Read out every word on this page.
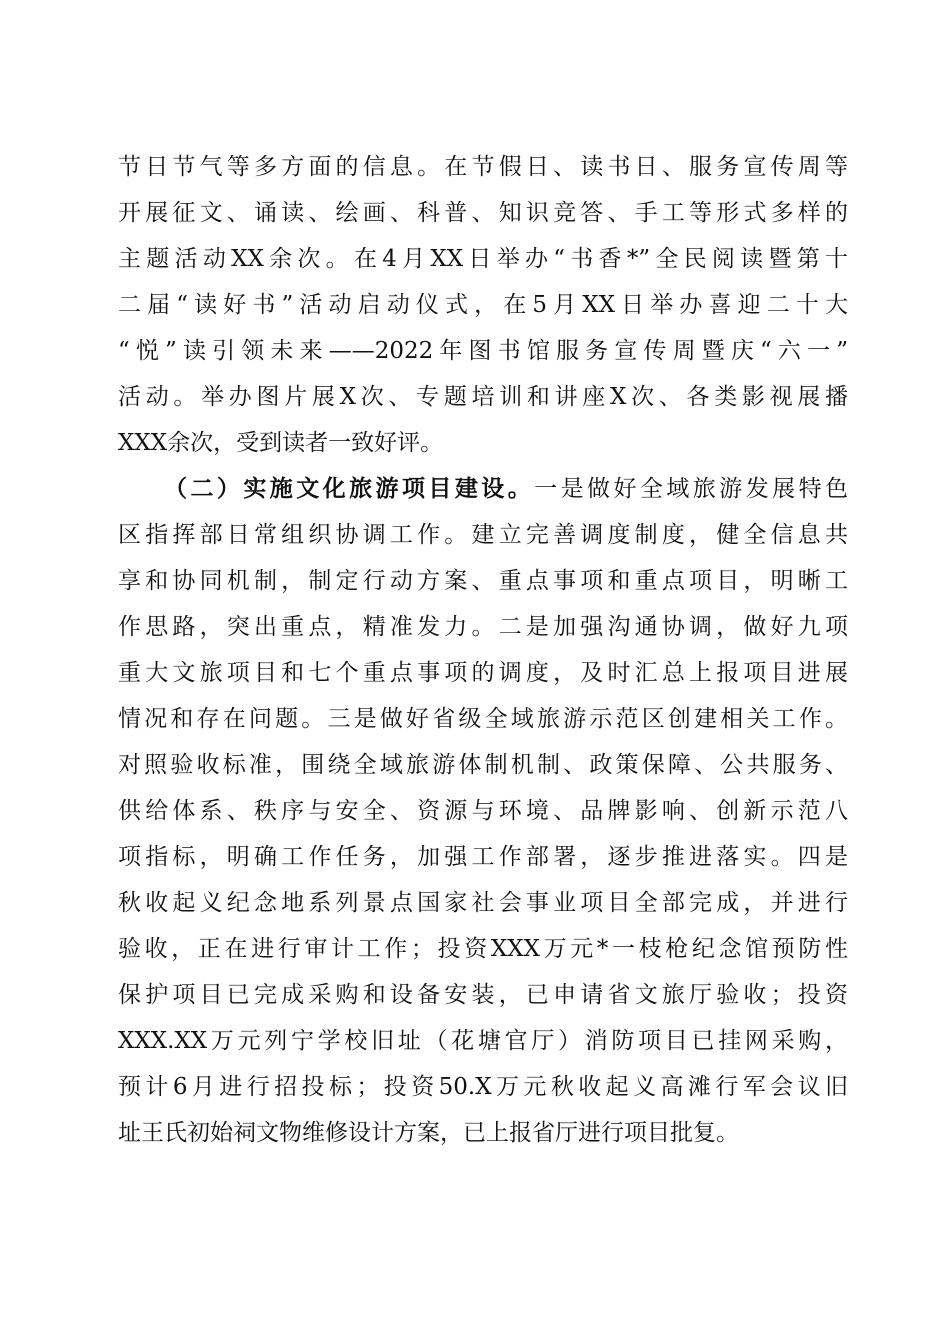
节日节气等多方面的信息。在节假日、读书日、服务宣传周等
开展征文、诵读、绘画、科普、知识竞答、手工等形式多样的
主题活动XX余次。在4月XX日举办“书香*”全民阅读暨第十
二届“读好书”活动启动仪式，在5月XX日举办喜迎二十大
“悦”读引领未来——2022年图书馆服务宣传周暨庆“六一”
活动。举办图片展X次、专题培训和讲座X次、各类影视展播
XXX余次，受到读者一致好评。
（二）实施文化旅游项目建设。一是做好全域旅游发展特色
区指挥部日常组织协调工作。建立完善调度制度，健全信息共
享和协同机制，制定行动方案、重点事项和重点项目，明晰工
作思路，突出重点，精准发力。二是加强沟通协调，做好九项
重大文旅项目和七个重点事项的调度，及时汇总上报项目进展
情况和存在问题。三是做好省级全域旅游示范区创建相关工作。
对照验收标准，围绕全域旅游体制机制、政策保障、公共服务、
供给体系、秩序与安全、资源与环境、品牌影响、创新示范八
项指标，明确工作任务，加强工作部署，逐步推进落实。四是
秋收起义纪念地系列景点国家社会事业项目全部完成，并进行
验收，正在进行审计工作；投资XXX万元*一枝枪纪念馆预防性
保护项目已完成采购和设备安装，已申请省文旅厅验收；投资
XXX.XX万元列宁学校旧址（花塘官厅）消防项目已挂网采购，
预计6月进行招投标；投资50.X万元秋收起义高滩行军会议旧
址王氏初始祠文物维修设计方案，已上报省厅进行项目批复。
